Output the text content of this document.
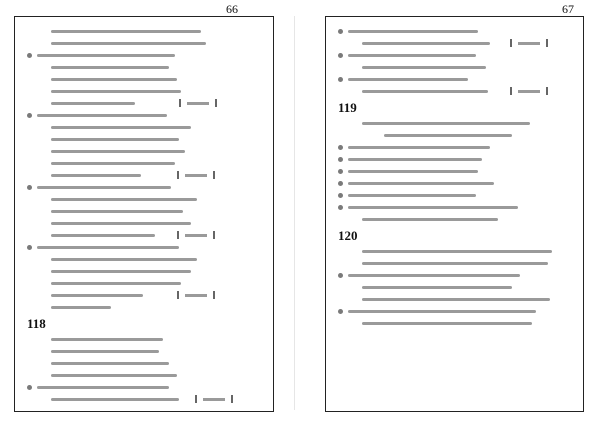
66	67
118
119
120
